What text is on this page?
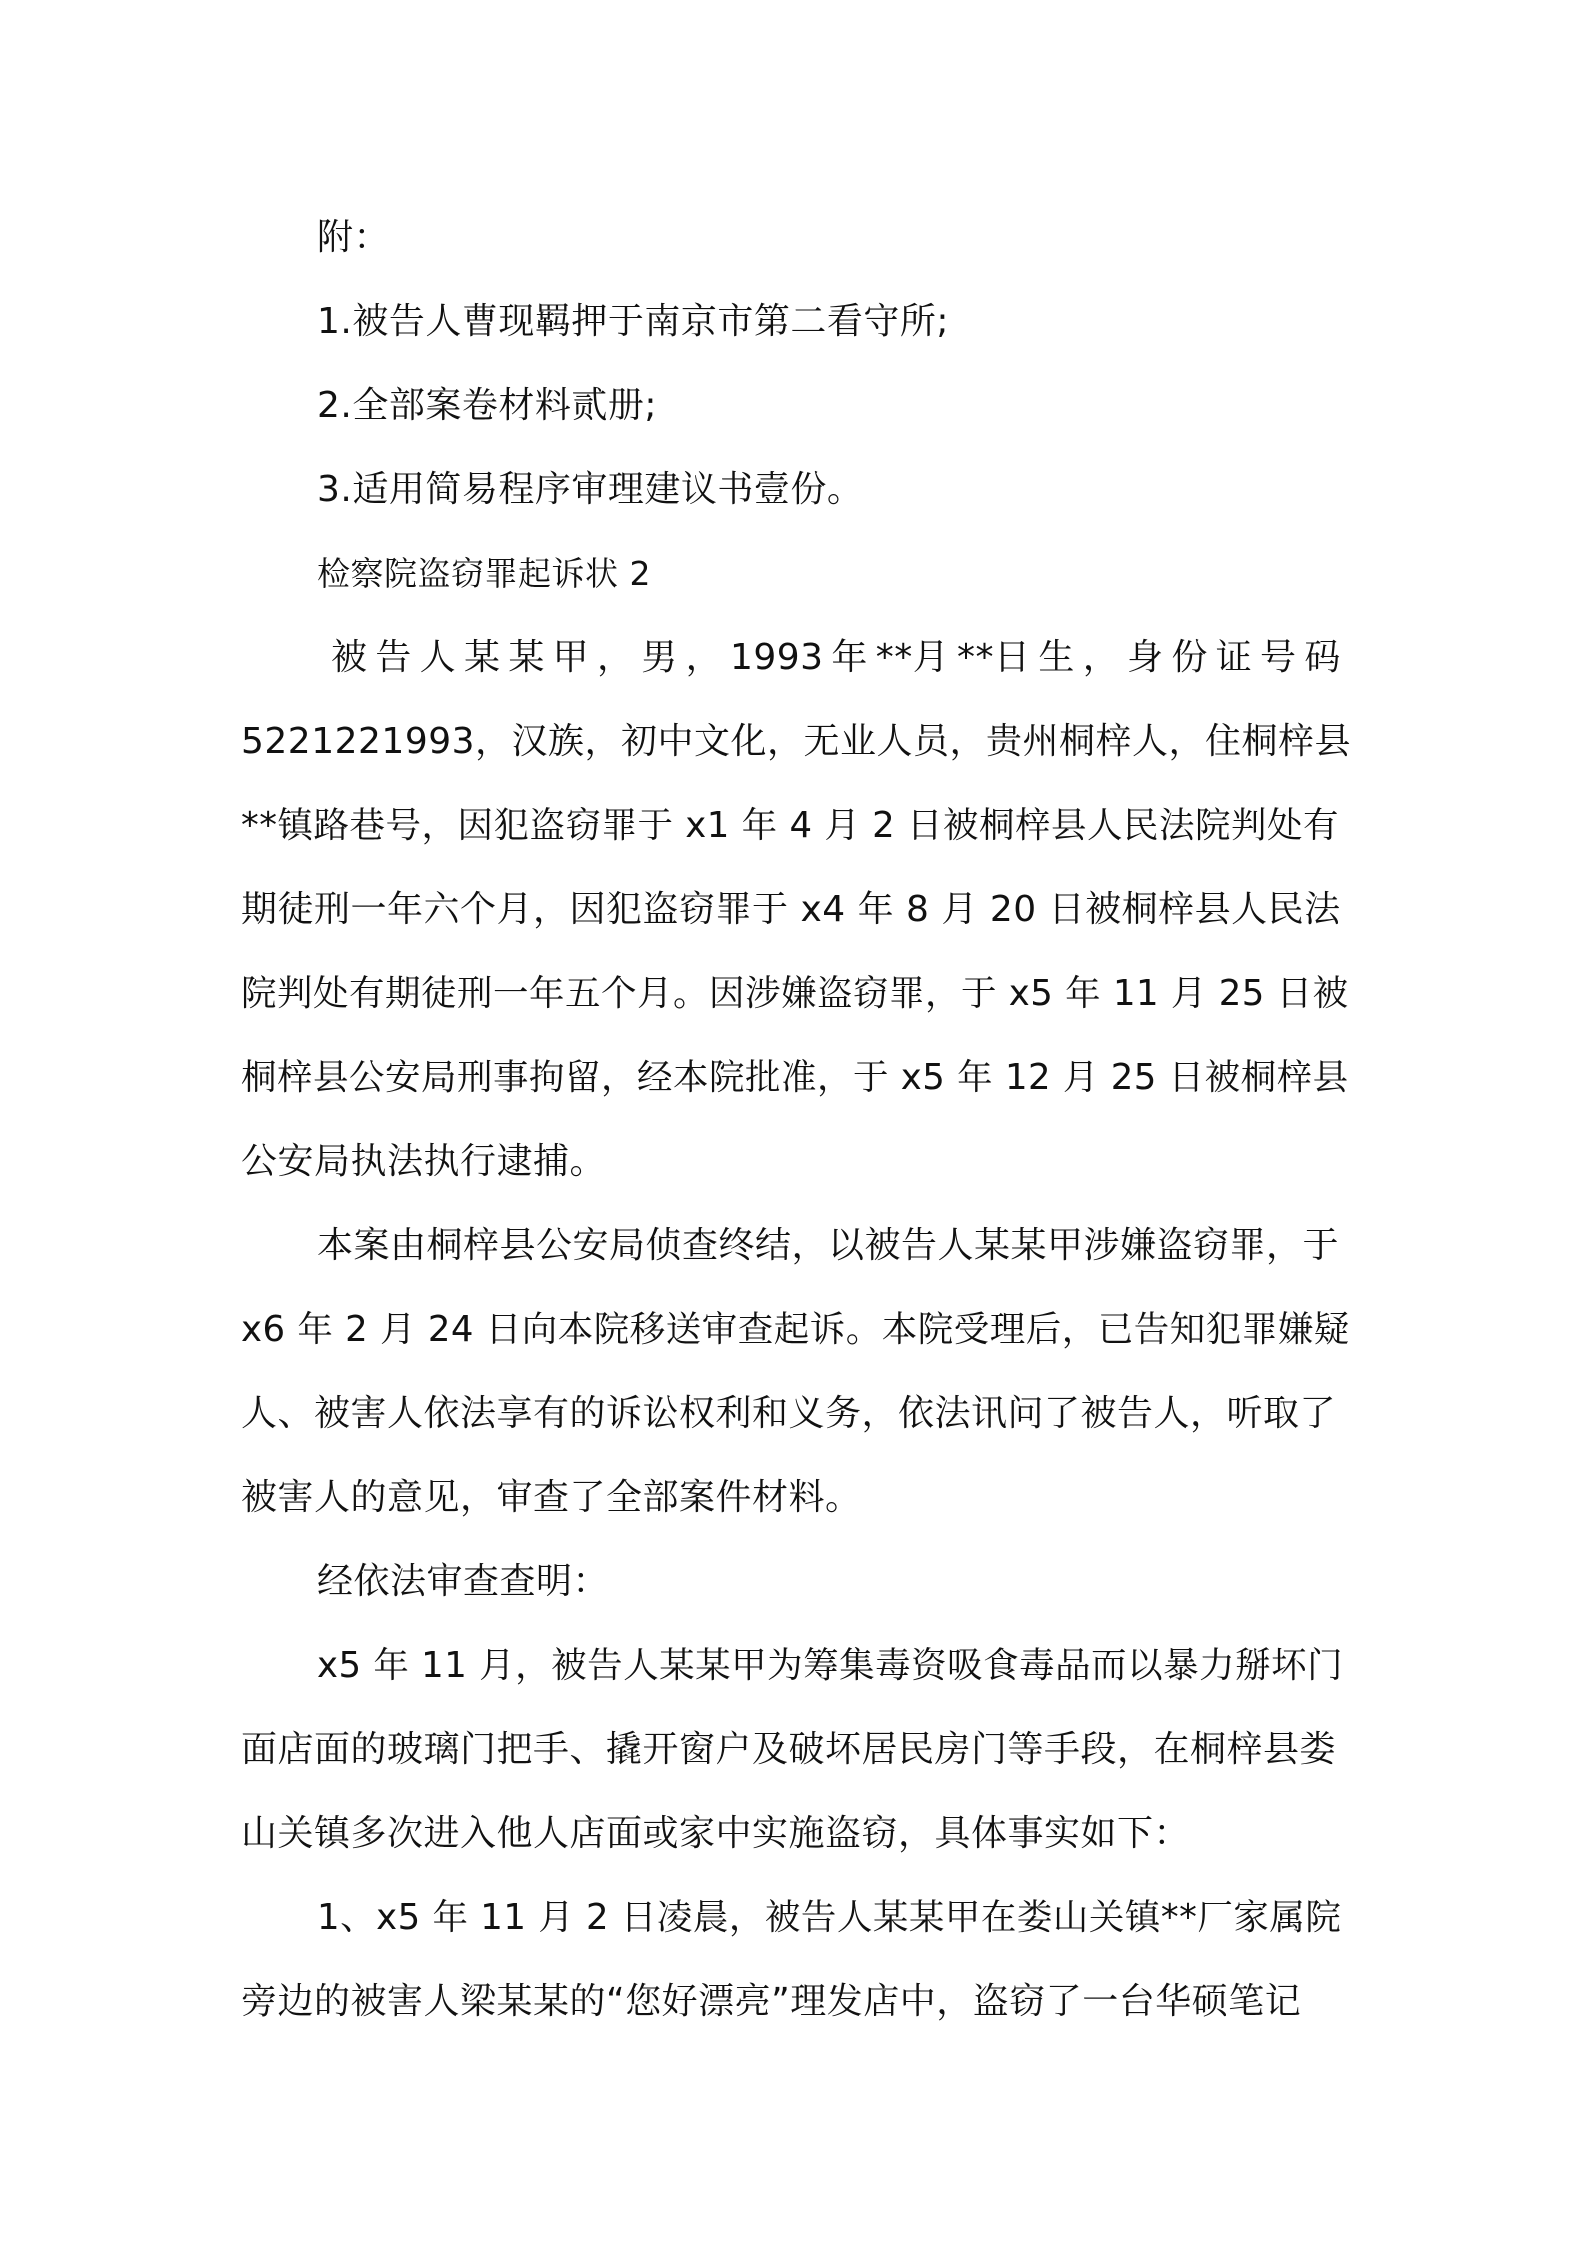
附：
1.被告人曹现羁押于南京市第二看守所;
2.全部案卷材料贰册;
3.适用简易程序审理建议书壹份。
检察院盗窃罪起诉状 2
被 告 人 某 某 甲 ， 男 ， 1993 年 **月 **日 生 ， 身 份 证 号 码
5221221993，汉族，初中文化，无业人员，贵州桐梓人，住桐梓县
**镇路巷号，因犯盗窃罪于 x1 年 4 月 2 日被桐梓县人民法院判处有
期徒刑一年六个月，因犯盗窃罪于 x4 年 8 月 20 日被桐梓县人民法
院判处有期徒刑一年五个月。因涉嫌盗窃罪，于 x5 年 11 月 25 日被
桐梓县公安局刑事拘留，经本院批准，于 x5 年 12 月 25 日被桐梓县
公安局执法执行逮捕。
本案由桐梓县公安局侦查终结，以被告人某某甲涉嫌盗窃罪，于
x6 年 2 月 24 日向本院移送审查起诉。本院受理后，已告知犯罪嫌疑
人、被害人依法享有的诉讼权利和义务，依法讯问了被告人，听取了
被害人的意见，审查了全部案件材料。
经依法审查查明：
x5 年 11 月，被告人某某甲为筹集毒资吸食毒品而以暴力掰坏门
面店面的玻璃门把手、撬开窗户及破坏居民房门等手段，在桐梓县娄
山关镇多次进入他人店面或家中实施盗窃，具体事实如下：
1、x5 年 11 月 2 日凌晨，被告人某某甲在娄山关镇**厂家属院
旁边的被害人梁某某的“您好漂亮”理发店中，盗窃了一台华硕笔记
